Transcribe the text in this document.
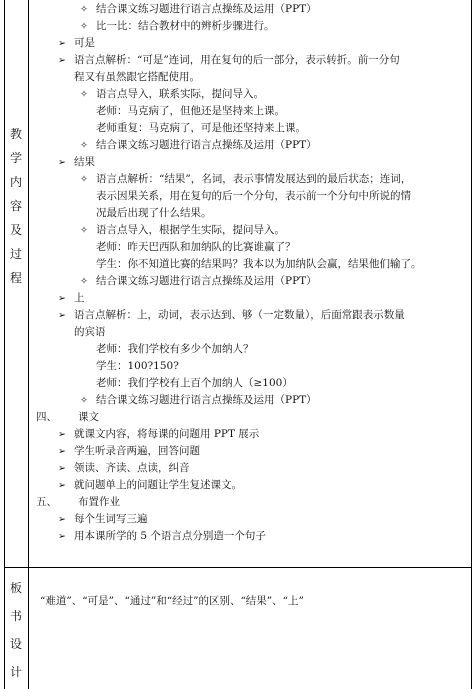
教
学
内
容
及
过
程
板
书
设
计
✧ 结合课文练习题进行语言点操练及运用（PPT）
✧ 比一比：结合教材中的辨析步骤进行。
➢ 可是
➢ 语言点解析：“可是”连词，用在复句的后一部分，表示转折。前一分句
程又有虽然跟它搭配使用。
✧ 语言点导入，联系实际，提问导入。
老师：马克病了，但他还是坚持来上课。
老师重复：马克病了，可是他还坚持来上课。
✧ 结合课文练习题进行语言点操练及运用（PPT）
➢ 结果
✧ 语言点解析：“结果”，名词，表示事情发展达到的最后状态；连词，
表示因果关系，用在复句的后一个分句，表示前一个分句中所说的情
况最后出现了什么结果。
✧ 语言点导入，根据学生实际，提问导入。
老师：昨天巴西队和加纳队的比赛谁赢了？
学生：你不知道比赛的结果吗？我本以为加纳队会赢，结果他们输了。
✧ 结合课文练习题进行语言点操练及运用（PPT）
➢ 上
➢ 语言点解析：上，动词，表示达到、够（一定数量），后面常跟表示数量
的宾语
老师：我们学校有多少个加纳人？
学生：100?150?
老师：我们学校有上百个加纳人（≥100）
✧ 结合课文练习题进行语言点操练及运用（PPT）
四、 课文
➢ 就课文内容，将每课的问题用 PPT 展示
➢ 学生听录音两遍，回答问题
➢ 领读、齐读、点读，纠音
➢ 就问题单上的问题让学生复述课文。
五、 布置作业
➢ 每个生词写三遍
➢ 用本课所学的 5 个语言点分别造一个句子
“难道”、“可是”、“通过”和“经过”的区别、“结果”、“上”
